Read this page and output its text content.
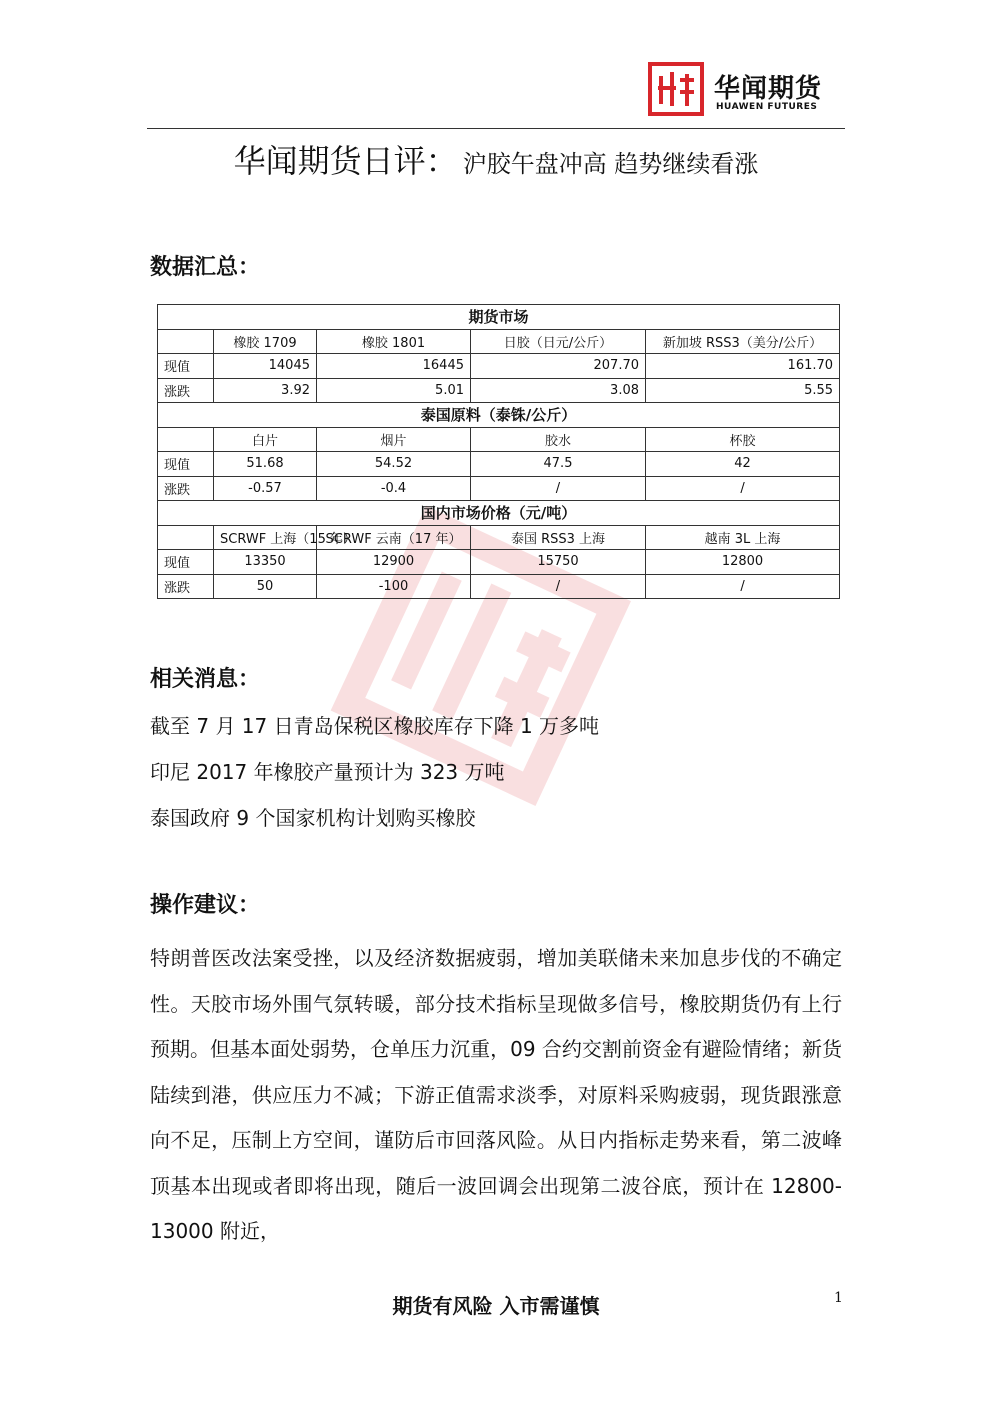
华闻期货
HUAWEN FUTURES
华闻期货日评： 沪胶午盘冲高 趋势继续看涨
数据汇总：
期货市场				
	橡胶 1709	橡胶 1801	日胶（日元/公斤）	新加坡 RSS3（美分/公斤）
现值	14045	16445	207.70	161.70
涨跌	3.92	5.01	3.08	5.55
泰国原料（泰铢/公斤）				
	白片	烟片	胶水	杯胶
现值	51.68	54.52	47.5	42
涨跌	-0.57	-0.4	/	/
国内市场价格（元/吨）				
	SCRWF 上海（15 年）	SCRWF 云南（17 年）	泰国 RSS3 上海	越南 3L 上海
现值	13350	12900	15750	12800
涨跌	50	-100	/	/
相关消息：
截至 7 月 17 日青岛保税区橡胶库存下降 1 万多吨
印尼 2017 年橡胶产量预计为 323 万吨
泰国政府 9 个国家机构计划购买橡胶
操作建议：
特朗普医改法案受挫，以及经济数据疲弱，增加美联储未来加息步伐的不确定性。天胶市场外围气氛转暖，部分技术指标呈现做多信号，橡胶期货仍有上行预期。但基本面处弱势，仓单压力沉重，09 合约交割前资金有避险情绪；新货陆续到港，供应压力不减；下游正值需求淡季，对原料采购疲弱，现货跟涨意向不足，压制上方空间，谨防后市回落风险。从日内指标走势来看，第二波峰顶基本出现或者即将出现，随后一波回调会出现第二波谷底，预计在 12800-13000 附近，
期货有风险 入市需谨慎	1
